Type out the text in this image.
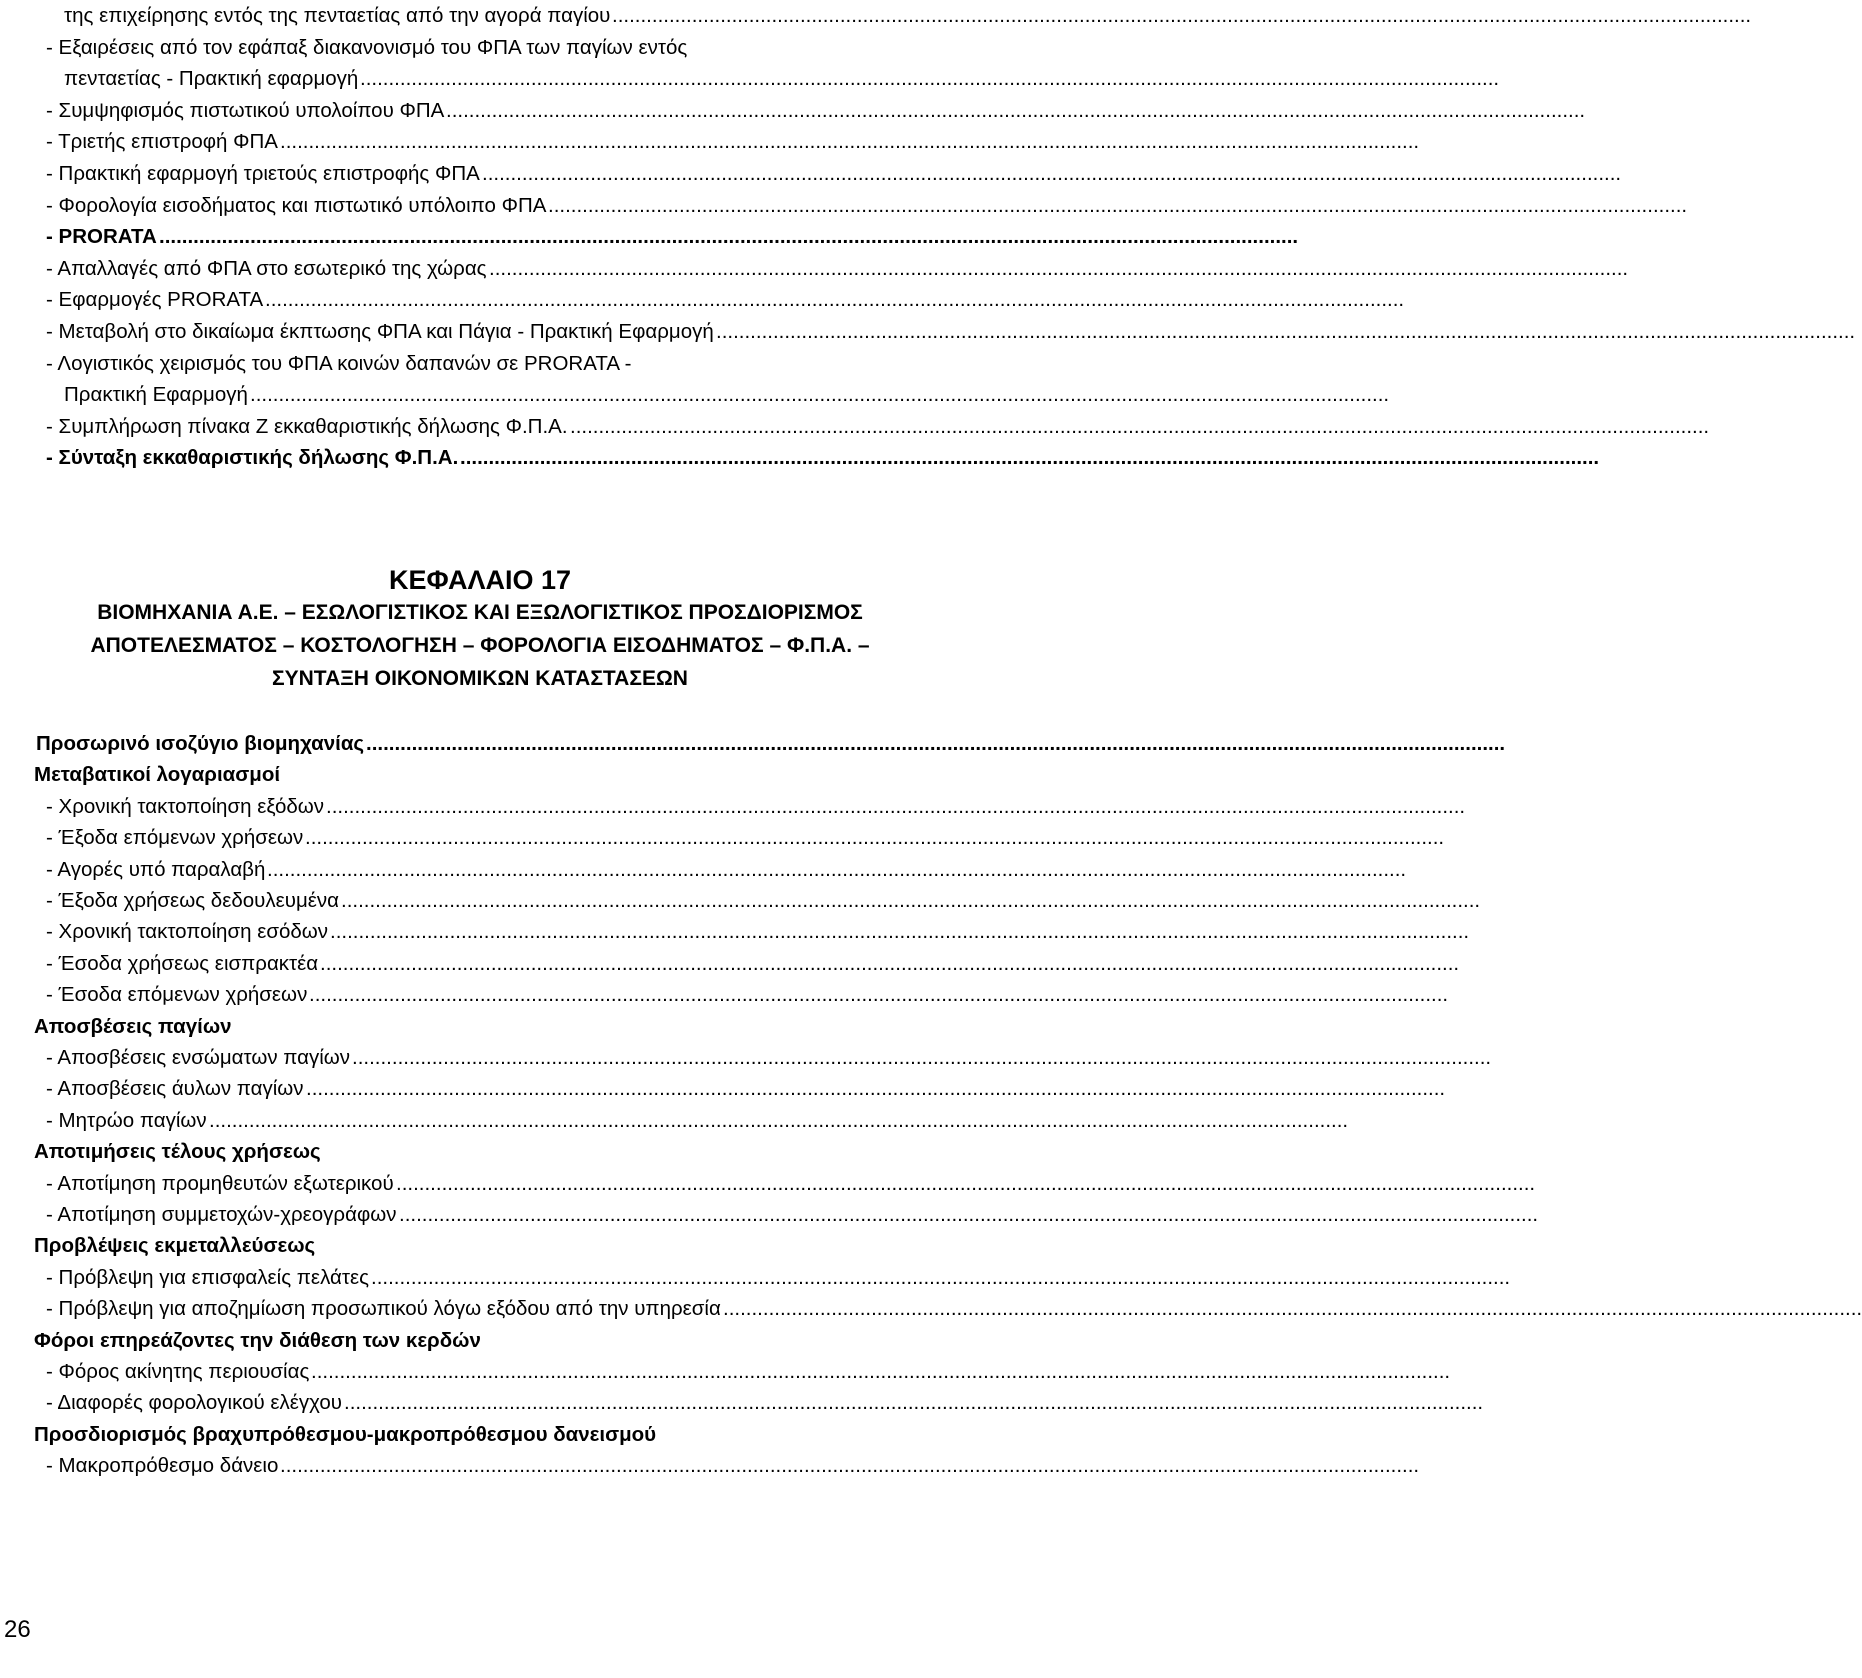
της επιχείρησης εντός της πενταετίας από την αγορά παγίου ........................................................................................................................................................................................................
- Εξαιρέσεις από τον εφάπαξ διακανονισμό του ΦΠΑ των παγίων εντός
πενταετίας - Πρακτική εφαρμογή ........................................................................................................................................................................................................
- Συμψηφισμός πιστωτικού υπολοίπου ΦΠΑ ........................................................................................................................................................................................................
- Τριετής επιστροφή ΦΠΑ ........................................................................................................................................................................................................
- Πρακτική εφαρμογή τριετούς επιστροφής ΦΠΑ ........................................................................................................................................................................................................
- Φορολογία εισοδήματος και πιστωτικό υπόλοιπο ΦΠΑ ........................................................................................................................................................................................................
- PRORATA ........................................................................................................................................................................................................
- Απαλλαγές από ΦΠΑ στο εσωτερικό της χώρας ........................................................................................................................................................................................................
- Εφαρμογές PRORATA ........................................................................................................................................................................................................
- Μεταβολή στο δικαίωμα έκπτωσης ΦΠΑ και Πάγια - Πρακτική Εφαρμογή ........................................................................................................................................................................................................
- Λογιστικός χειρισμός του ΦΠΑ κοινών δαπανών σε PRORATA -
Πρακτική Εφαρμογή ........................................................................................................................................................................................................
- Συμπλήρωση πίνακα Ζ εκκαθαριστικής δήλωσης Φ.Π.Α. ........................................................................................................................................................................................................
- Σύνταξη εκκαθαριστικής δήλωσης Φ.Π.Α. ........................................................................................................................................................................................................
ΚΕΦΑΛΑΙΟ 17
ΒΙΟΜΗΧΑΝΙΑ Α.Ε. – ΕΣΩΛΟΓΙΣΤΙΚΟΣ ΚΑΙ ΕΞΩΛΟΓΙΣΤΙΚΟΣ ΠΡΟΣΔΙΟΡΙΣΜΟΣ
ΑΠΟΤΕΛΕΣΜΑΤΟΣ – ΚΟΣΤΟΛΟΓΗΣΗ – ΦΟΡΟΛΟΓΙΑ ΕΙΣΟΔΗΜΑΤΟΣ – Φ.Π.Α. –
ΣΥΝΤΑΞΗ ΟΙΚΟΝΟΜΙΚΩΝ ΚΑΤΑΣΤΑΣΕΩΝ
Προσωρινό ισοζύγιο βιομηχανίας ........................................................................................................................................................................................................
Μεταβατικοί λογαριασμοί
- Χρονική τακτοποίηση εξόδων ........................................................................................................................................................................................................
- Έξοδα επόμενων χρήσεων ........................................................................................................................................................................................................
- Αγορές υπό παραλαβή ........................................................................................................................................................................................................
- Έξοδα χρήσεως δεδουλευμένα ........................................................................................................................................................................................................
- Χρονική τακτοποίηση εσόδων ........................................................................................................................................................................................................
- Έσοδα χρήσεως εισπρακτέα ........................................................................................................................................................................................................
- Έσοδα επόμενων χρήσεων ........................................................................................................................................................................................................
Αποσβέσεις παγίων
- Αποσβέσεις ενσώματων παγίων ........................................................................................................................................................................................................
- Αποσβέσεις άυλων παγίων ........................................................................................................................................................................................................
- Μητρώο παγίων ........................................................................................................................................................................................................
Αποτιμήσεις τέλους χρήσεως
- Αποτίμηση προμηθευτών εξωτερικού ........................................................................................................................................................................................................
- Αποτίμηση συμμετοχών-χρεογράφων ........................................................................................................................................................................................................
Προβλέψεις εκμεταλλεύσεως
- Πρόβλεψη για επισφαλείς πελάτες ........................................................................................................................................................................................................
- Πρόβλεψη για αποζημίωση προσωπικού λόγω εξόδου από την υπηρεσία ........................................................................................................................................................................................................
Φόροι επηρεάζοντες την διάθεση των κερδών
- Φόρος ακίνητης περιουσίας ........................................................................................................................................................................................................
- Διαφορές φορολογικού ελέγχου ........................................................................................................................................................................................................
Προσδιορισμός βραχυπρόθεσμου-μακροπρόθεσμου δανεισμού
- Μακροπρόθεσμο δάνειο ........................................................................................................................................................................................................
26
